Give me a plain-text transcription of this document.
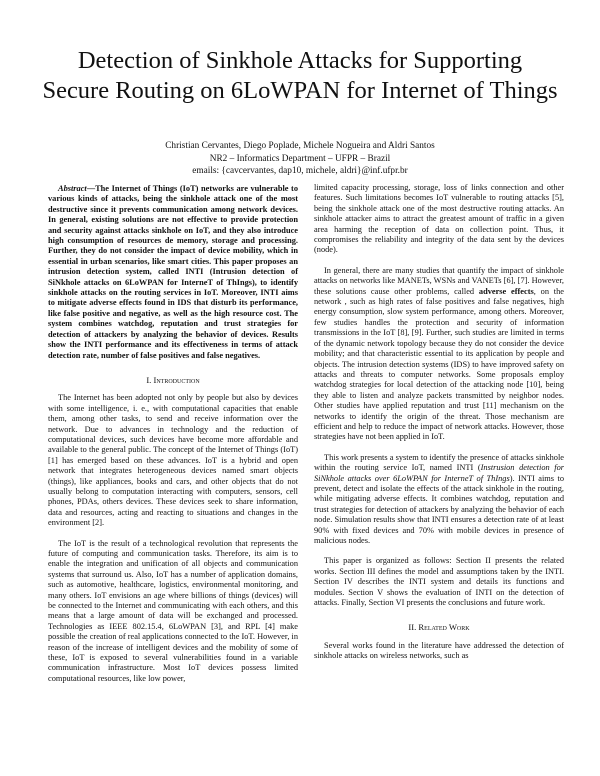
Detection of Sinkhole Attacks for Supporting
Secure Routing on 6LoWPAN for Internet of Things
Christian Cervantes, Diego Poplade, Michele Nogueira and Aldri Santos
NR2 – Informatics Department – UFPR – Brazil
emails: {cavcervantes, dap10, michele, aldri}@inf.ufpr.br

Abstract—The Internet of Things (IoT) networks are vulnerable to various kinds of attacks, being the sinkhole attack one of the most destructive since it prevents communication among network devices. In general, existing solutions are not effective to provide protection and security against attacks sinkhole on IoT, and they also introduce high consumption of resources de memory, storage and processing. Further, they do not consider the impact of device mobility, which in essential in urban scenarios, like smart cities. This paper proposes an intrusion detection system, called INTI (Intrusion detection of SiNkhole attacks on 6LoWPAN for InterneT of ThIngs), to identify sinkhole attacks on the routing services in IoT. Moreover, INTI aims to mitigate adverse effects found in IDS that disturb its performance, like false positive and negative, as well as the high resource cost. The system combines watchdog, reputation and trust strategies for detection of attackers by analyzing the behavior of devices. Results show the INTI performance and its effectiveness in terms of attack detection rate, number of false positives and false negatives.

I. Introduction

The Internet has been adopted not only by people but also by devices with some intelligence, i. e., with computational capacities that enable them, among other tasks, to send and receive information over the network. Due to advances in technology and the reduction of computational devices, such devices have become more affordable and available to the general public. The concept of the Internet of Things (IoT) [1] has emerged based on these advances. IoT is a hybrid and open network that integrates heterogeneous devices named smart objects (things), like appliances, books and cars, and other objects that do not usually belong to computation interacting with computers, sensors, cell phones, PDAs, others devices. These devices seek to share information, data and resources, acting and reacting to situations and changes in the environment [2].

The IoT is the result of a technological revolution that represents the future of computing and communication tasks. Therefore, its aim is to enable the integration and unification of all objects and communication systems that surround us. Also, IoT has a number of application domains, such as automotive, healthcare, logistics, environmental monitoring, and many others. IoT envisions an age where billions of things (devices) will be connected to the Internet and communicating with each others, and this means that a large amount of data will be exchanged and processed. Technologies as IEEE 802.15.4, 6LoWPAN [3], and RPL [4] make possible the creation of real applications connected to the IoT. However, in reason of the increase of intelligent devices and the mobility of some of these, IoT is exposed to several vulnerabilities found in a variable communication infrastructure. Most IoT devices possess limited computational resources, like low power,

limited capacity processing, storage, loss of links connection and other features. Such limitations becomes IoT vulnerable to routing attacks [5], being the sinkhole attack one of the most destructive routing attacks. An sinkhole attacker aims to attract the greatest amount of traffic in a given area harming the reception of data on collection point. Thus, it compromises the reliability and integrity of the data sent by the devices (node).

In general, there are many studies that quantify the impact of sinkhole attacks on networks like MANETs, WSNs and VANETs [6], [7]. However, these solutions cause other problems, called adverse effects, on the network , such as high rates of false positives and false negatives, high energy consumption, slow system performance, among others. Moreover, few studies handles the protection and security of information transmissions in the IoT [8], [9]. Further, such studies are limited in terms of the dynamic network topology because they do not consider the device mobility; and that characteristic essential to its application by people and objects. The intrusion detection systems (IDS) to have improved safety on attacks and threats to computer networks. Some proposals employ watchdog strategies for local detection of the attacking node [10], being they able to listen and analyze packets transmitted by neighbor nodes. Other studies have applied reputation and trust [11] mechanism on the networks to identify the origin of the threat. Those mechanism are efficient and help to reduce the impact of network attacks. However, those strategies have not been applied in IoT.

This work presents a system to identify the presence of attacks sinkhole within the routing service IoT, named INTI (Instrusion detection for SiNkhole attacks over 6LoWPAN for InterneT of ThIngs). INTI aims to prevent, detect and isolate the effects of the attack sinkhole in the routing, while mitigating adverse effects. It combines watchdog, reputation and trust strategies for detection of attackers by analyzing the behavior of each node. Simulation results show that INTI ensures a detection rate of at least 90% with fixed devices and 70% with mobile devices in presence of malicious nodes.

This paper is organized as follows: Section II presents the related works. Section III defines the model and assumptions taken by the INTI. Section IV describes the INTI system and details its functions and modules. Section V shows the evaluation of INTI on the detection of attacks. Finally, Section VI presents the conclusions and future work.

II. Related Work

Several works found in the literature have addressed the detection of sinkhole attacks on wireless networks, such as
